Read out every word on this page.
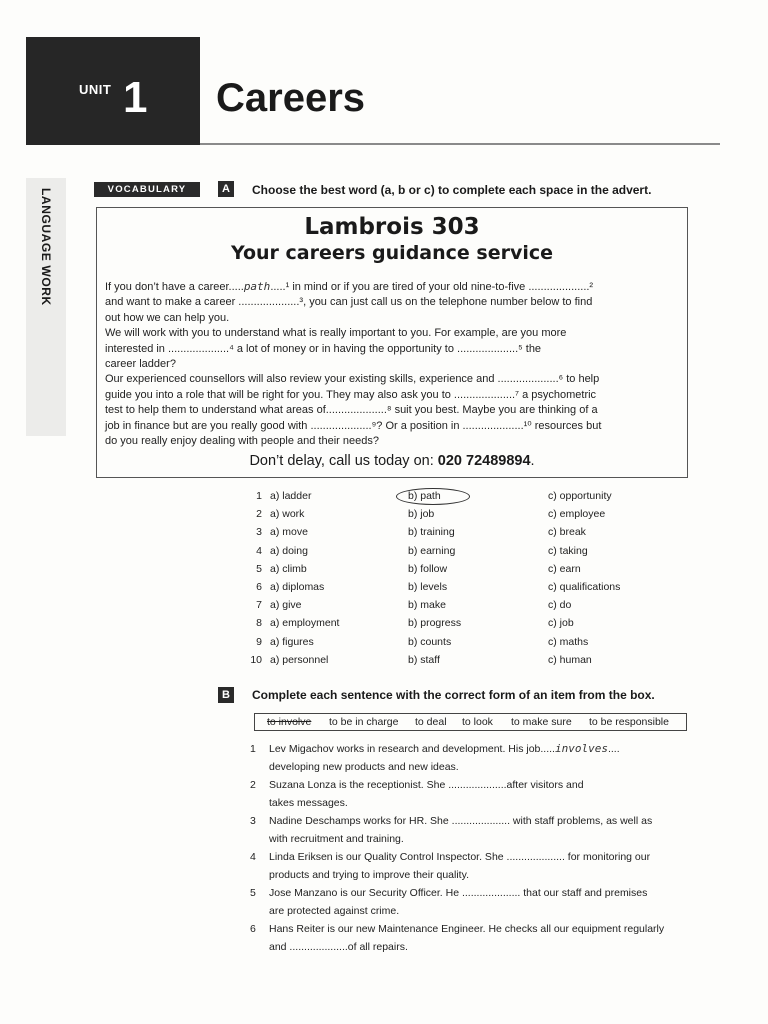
UNIT 1 Careers
LANGUAGE WORK	VOCABULARY	A	Choose the best word (a, b or c) to complete each space in the advert.
Lambrois 303
Your careers guidance service
If you don’t have a career.....path.....¹ in mind or if you are tired of your old nine-to-five ....................²
and want to make a career ....................³, you can just call us on the telephone number below to find
out how we can help you.
We will work with you to understand what is really important to you. For example, are you more
interested in ....................⁴ a lot of money or in having the opportunity to ....................⁵ the
career ladder?
Our experienced counsellors will also review your existing skills, experience and ....................⁶ to help
guide you into a role that will be right for you. They may also ask you to ....................⁷ a psychometric
test to help them to understand what areas of....................⁸ suit you best. Maybe you are thinking of a
job in finance but are you really good with ....................⁹? Or a position in ....................¹⁰ resources but
do you really enjoy dealing with people and their needs?
Don’t delay, call us today on: 020 72489894.
1 a) ladder	b) path	c) opportunity
2 a) work	b) job	c) employee
3 a) move	b) training	c) break
4 a) doing	b) earning	c) taking
5 a) climb	b) follow	c) earn
6 a) diplomas	b) levels	c) qualifications
7 a) give	b) make	c) do
8 a) employment	b) progress	c) job
9 a) figures	b) counts	c) maths
10 a) personnel	b) staff	c) human
B	Complete each sentence with the correct form of an item from the box.
to involve to be in charge to deal to look to make sure to be responsible
1 Lev Migachov works in research and development. His job.....involves....
developing new products and new ideas.
2 Suzana Lonza is the receptionist. She ....................after visitors and
takes messages.
3 Nadine Deschamps works for HR. She .................... with staff problems, as well as
with recruitment and training.
4 Linda Eriksen is our Quality Control Inspector. She .................... for monitoring our
products and trying to improve their quality.
5 Jose Manzano is our Security Officer. He .................... that our staff and premises
are protected against crime.
6 Hans Reiter is our new Maintenance Engineer. He checks all our equipment regularly
and ....................of all repairs.
